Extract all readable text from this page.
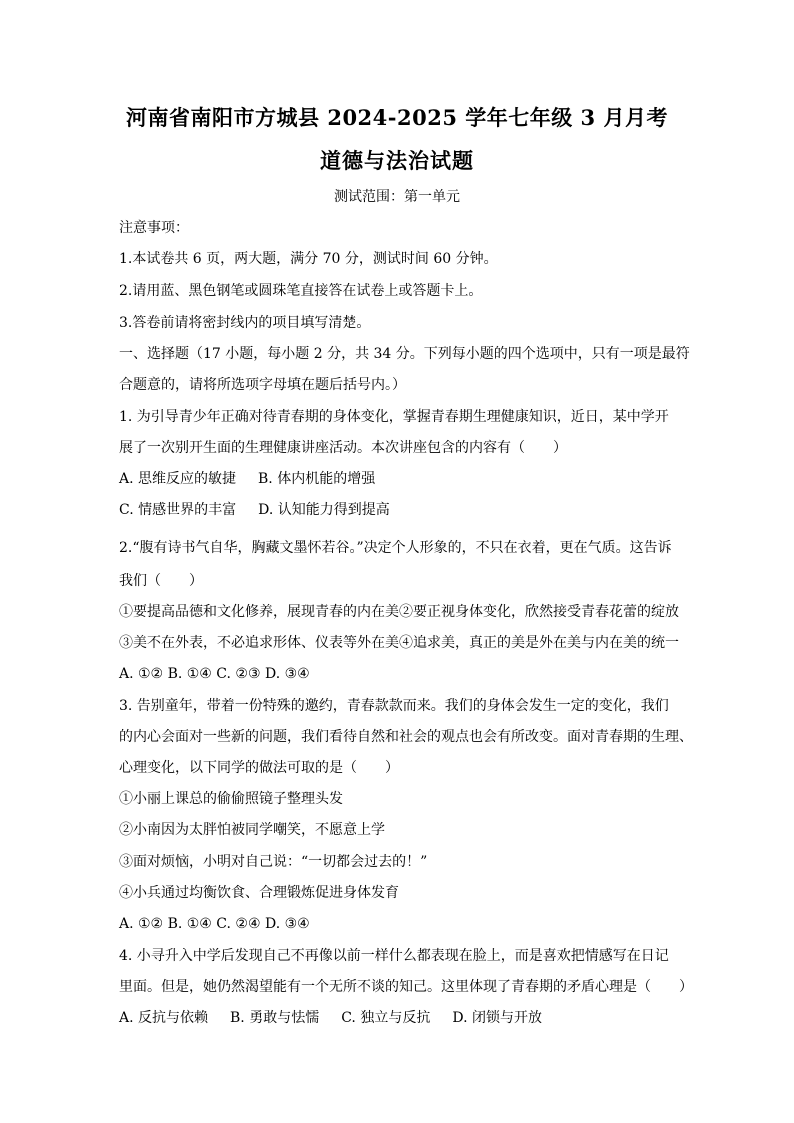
河南省南阳市方城县 2024-2025 学年七年级 3 月月考
道德与法治试题
测试范围：第一单元
注意事项：
1.本试卷共 6 页，两大题，满分 70 分，测试时间 60 分钟。
2.请用蓝、黑色钢笔或圆珠笔直接答在试卷上或答题卡上。
3.答卷前请将密封线内的项目填写清楚。
一、选择题（17 小题，每小题 2 分，共 34 分。下列每小题的四个选项中，只有一项是最符
合题意的，请将所选项字母填在题后括号内。）
1. 为引导青少年正确对待青春期的身体变化，掌握青春期生理健康知识，近日，某中学开
展了一次别开生面的生理健康讲座活动。本次讲座包含的内容有（　　）
A. 思维反应的敏捷 B. 体内机能的增强
C. 情感世界的丰富 D. 认知能力得到提高
2.“腹有诗书气自华，胸藏文墨怀若谷。”决定个人形象的，不只在衣着，更在气质。这告诉
我们（　　）
①要提高品德和文化修养，展现青春的内在美②要正视身体变化，欣然接受青春花蕾的绽放
③美不在外表，不必追求形体、仪表等外在美④追求美，真正的美是外在美与内在美的统一
A. ①② B. ①④ C. ②③ D. ③④
3. 告别童年，带着一份特殊的邀约，青春款款而来。我们的身体会发生一定的变化，我们
的内心会面对一些新的问题，我们看待自然和社会的观点也会有所改变。面对青春期的生理、
心理变化，以下同学的做法可取的是（　　）
①小丽上课总的偷偷照镜子整理头发
②小南因为太胖怕被同学嘲笑，不愿意上学
③面对烦恼，小明对自己说：“一切都会过去的！”
④小兵通过均衡饮食、合理锻炼促进身体发育
A. ①② B. ①④ C. ②④ D. ③④
4. 小寻升入中学后发现自己不再像以前一样什么都表现在脸上，而是喜欢把情感写在日记
里面。但是，她仍然渴望能有一个无所不谈的知己。这里体现了青春期的矛盾心理是（　　）
A. 反抗与依赖 B. 勇敢与怯懦 C. 独立与反抗 D. 闭锁与开放
